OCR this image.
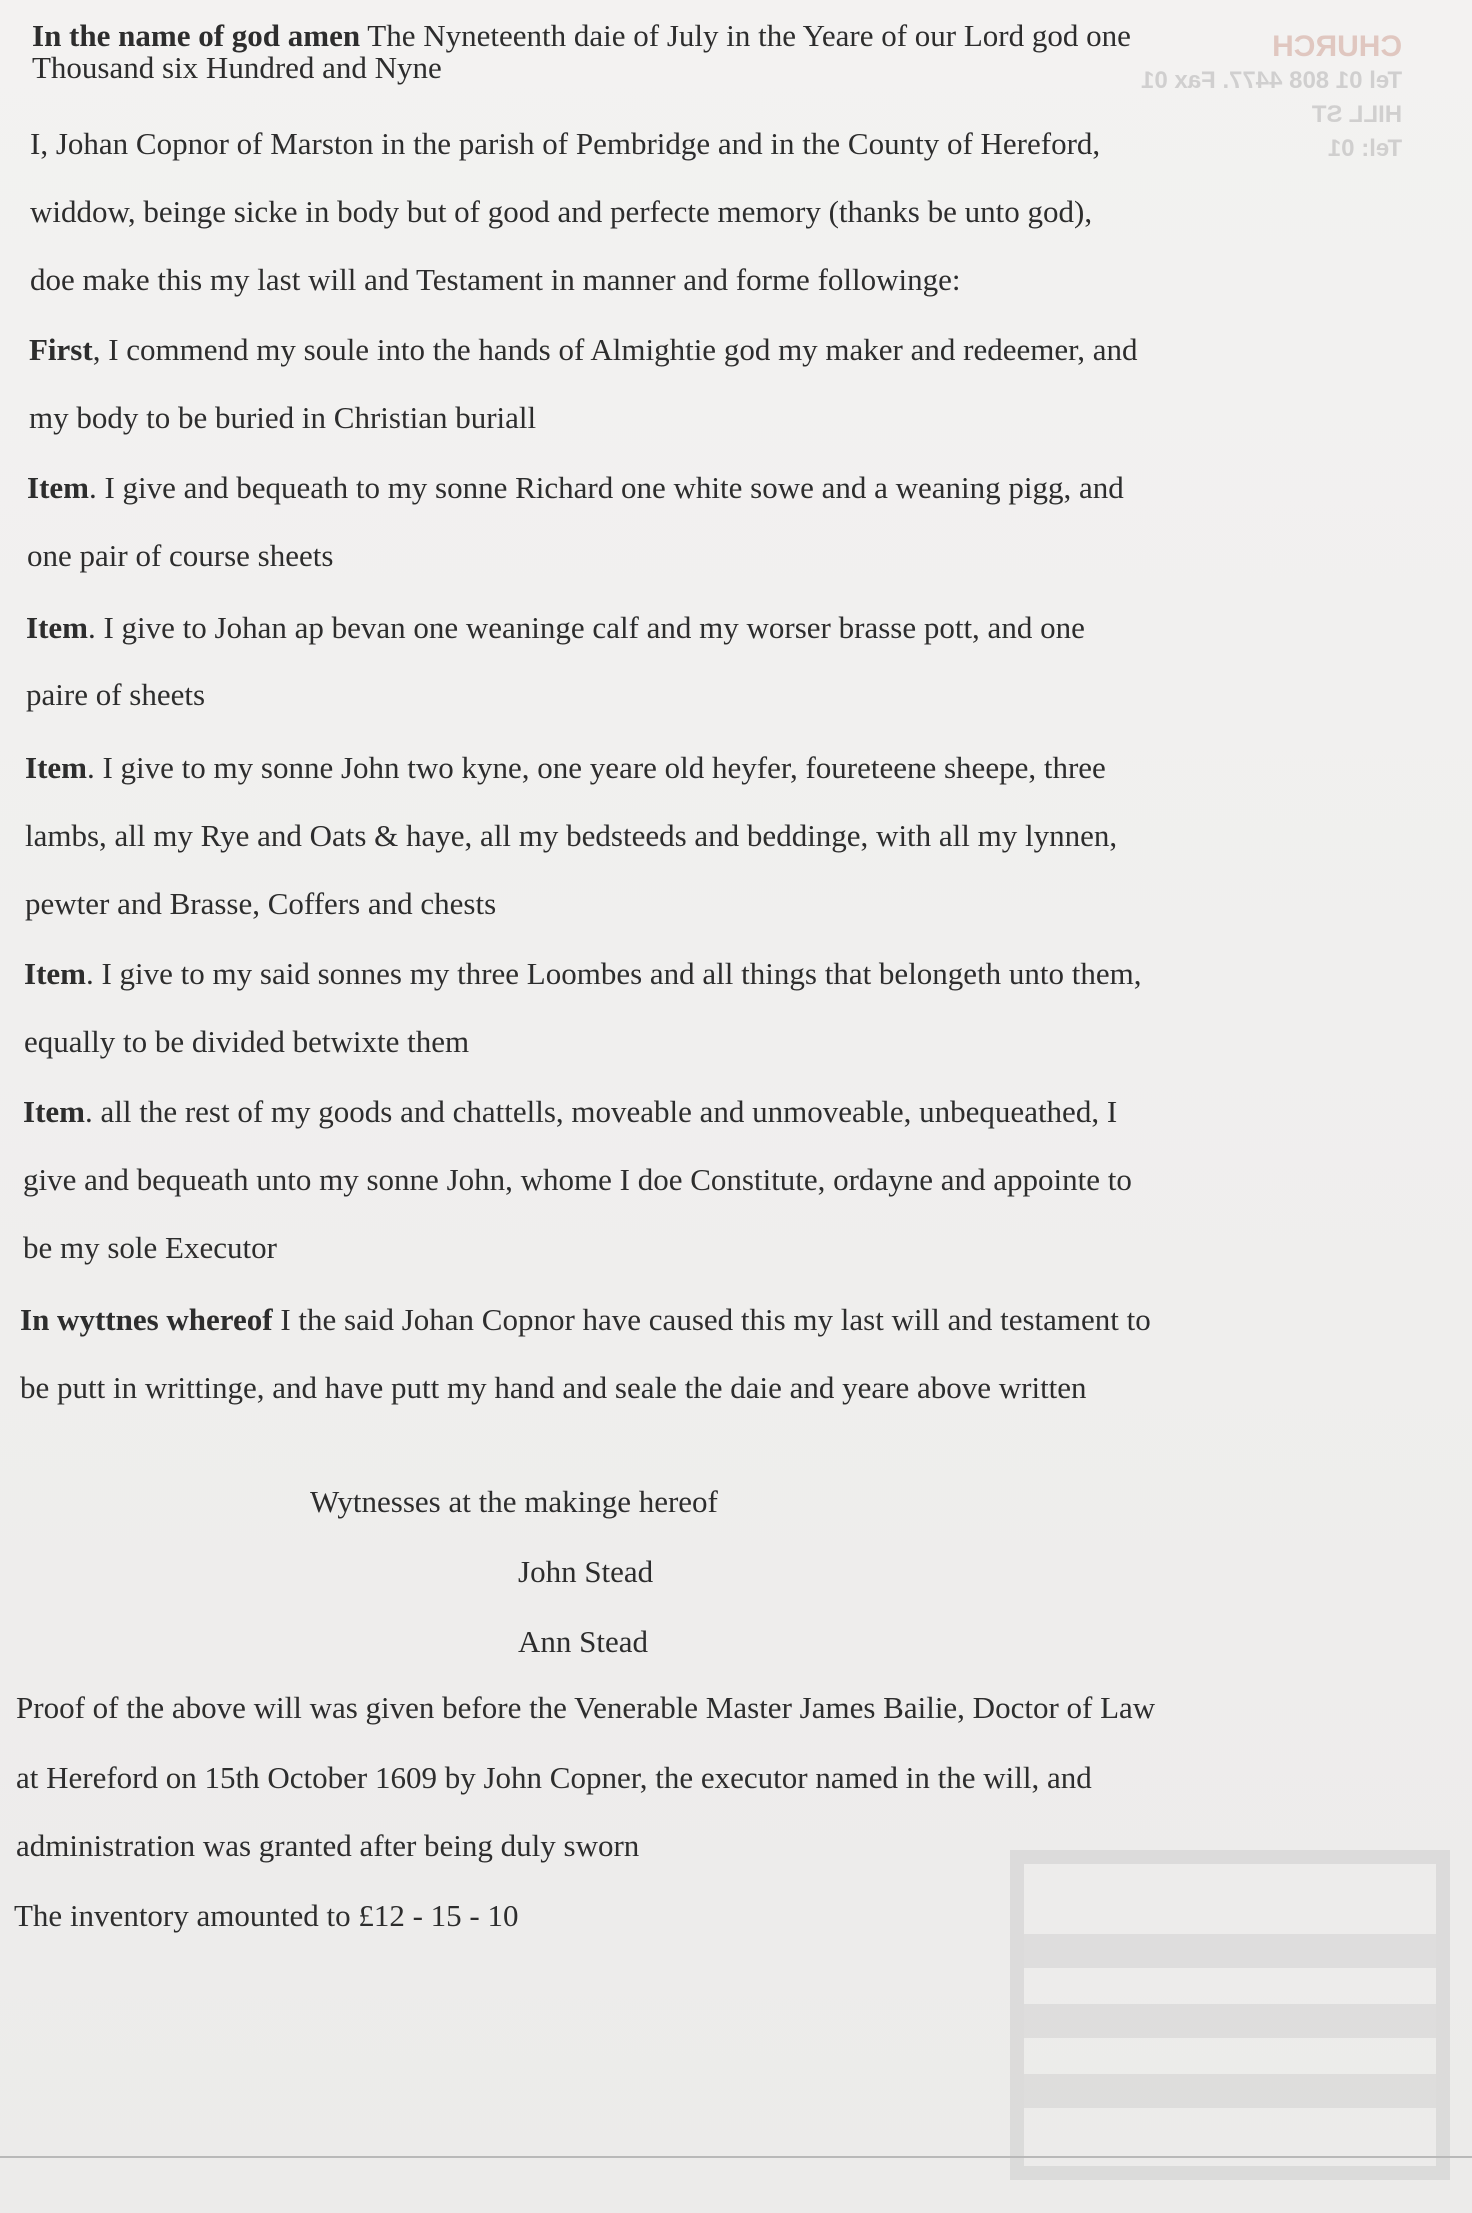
CHURCH
Tel 01 808 4477. Fax 01
HILL ST
Tel: 01
In the name of god amen The Nyneteenth daie of July in the Yeare of our Lord god one
Thousand six Hundred and Nyne
I, Johan Copnor of Marston in the parish of Pembridge and in the County of Hereford,
widdow, beinge sicke in body but of good and perfecte memory (thanks be unto god),
doe make this my last will and Testament in manner and forme followinge:
First, I commend my soule into the hands of Almightie god my maker and redeemer, and
my body to be buried in Christian buriall
Item. I give and bequeath to my sonne Richard one white sowe and a weaning pigg, and
one pair of course sheets
Item. I give to Johan ap bevan one weaninge calf and my worser brasse pott, and one
paire of sheets
Item. I give to my sonne John two kyne, one yeare old heyfer, foureteene sheepe, three
lambs, all my Rye and Oats & haye, all my bedsteeds and beddinge, with all my lynnen,
pewter and Brasse, Coffers and chests
Item. I give to my said sonnes my three Loombes and all things that belongeth unto them,
equally to be divided betwixte them
Item. all the rest of my goods and chattells, moveable and unmoveable, unbequeathed, I
give and bequeath unto my sonne John, whome I doe Constitute, ordayne and appointe to
be my sole Executor
In wyttnes whereof I the said Johan Copnor have caused this my last will and testament to
be putt in writtinge, and have putt my hand and seale the daie and yeare above written
Wytnesses at the makinge hereof
John Stead
Ann Stead
Proof of the above will was given before the Venerable Master James Bailie, Doctor of Law
at Hereford on 15th October 1609 by John Copner, the executor named in the will, and
administration was granted after being duly sworn
The inventory amounted to £12 - 15 - 10
